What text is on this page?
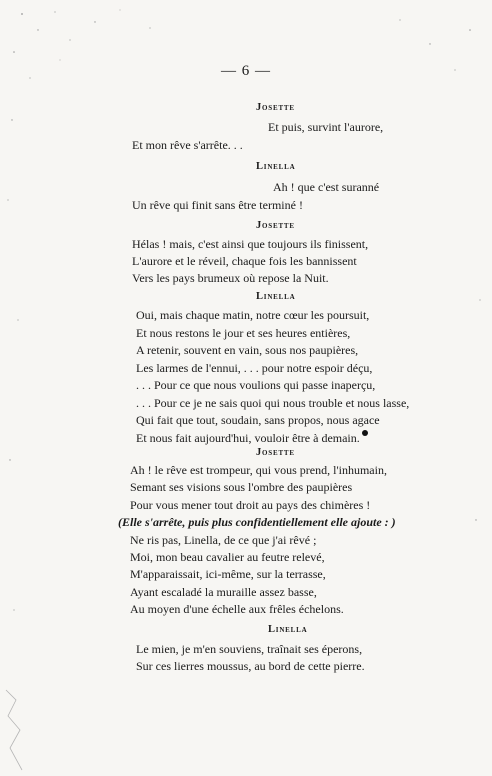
— 6 —
Josette
Et puis, survint l'aurore,
Et mon rêve s'arrête. . .
Linella
Ah ! que c'est suranné
Un rêve qui finit sans être terminé !
Josette
Hélas ! mais, c'est ainsi que toujours ils finissent,
L'aurore et le réveil, chaque fois les bannissent
Vers les pays brumeux où repose la Nuit.
Linella
Oui, mais chaque matin, notre cœur les poursuit,
Et nous restons le jour et ses heures entières,
A retenir, souvent en vain, sous nos paupières,
Les larmes de l'ennui, . . . pour notre espoir déçu,
. . . Pour ce que nous voulions qui passe inaperçu,
. . . Pour ce je ne sais quoi qui nous trouble et nous lasse,
Qui fait que tout, soudain, sans propos, nous agace
Et nous fait aujourd'hui, vouloir être à demain.
Josette
Ah ! le rêve est trompeur, qui vous prend, l'inhumain,
Semant ses visions sous l'ombre des paupières
Pour vous mener tout droit au pays des chimères !
(Elle s'arrête, puis plus confidentiellement elle ajoute : )
Ne ris pas, Linella, de ce que j'ai rêvé ;
Moi, mon beau cavalier au feutre relevé,
M'apparaissait, ici-même, sur la terrasse,
Ayant escaladé la muraille assez basse,
Au moyen d'une échelle aux frêles échelons.
Linella
Le mien, je m'en souviens, traînait ses éperons,
Sur ces lierres moussus, au bord de cette pierre.
